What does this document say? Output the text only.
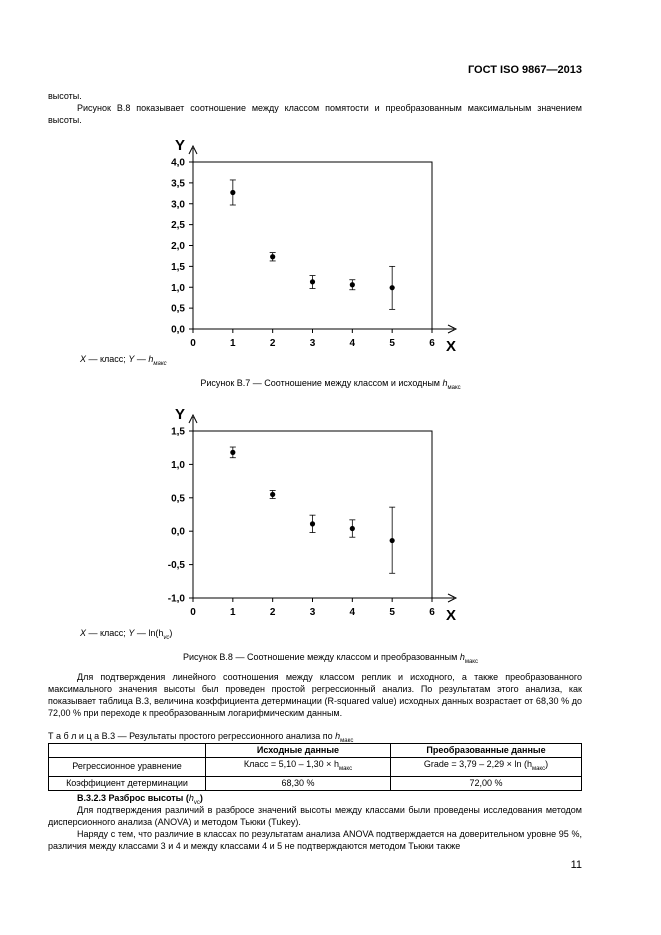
ГОСТ ISO 9867—2013
высоты.
Рисунок В.8 показывает соотношение между классом помятости и преобразованным максимальным значением высоты.
X
Y
0	1	2	3	4	5	6
0,0
0,5
1,0
1,5
2,0
2,5
3,0
3,5
4,0
X — класс; Y — $h_{макс}$
Рисунок В.7 — Соотношение между классом и исходным $h_{макс}$
X
Y
0	1	2	3	4	5	6
-1,0
-0,5
0,0
0,5
1,0
1,5
X — класс; Y — $\ln(h_{vc})$
Рисунок В.8 — Соотношение между классом и преобразованным $h_{макс}$
Для подтверждения линейного соотношения между классом реплик и исходного, а также преобразованного максимального значения высоты был проведен простой регрессионный анализ. По результатам этого анализа, как показывает таблица В.3, величина коэффициента детерминации (R-squared value) исходных данных возрастает от 68,30 % до 72,00 % при переходе к преобразованным логарифмическим данным.
Т а б л и ц а В.3 — Результаты простого регрессионного анализа по $h_{макс}$
	Исходные данные	Преобразованные данные
Регрессионное уравнение	Класс = $5,10 - 1,30 \times h_{макс}$	Grade = $3,79 - 2,29 \times \ln (h_{макс})$
Коэффициент детерминации	68,30 %	72,00 %
В.3.2.3 Разброс высоты $(h_{vc})$
Для подтверждения различий в разбросе значений высоты между классами были проведены исследования методом дисперсионного анализа (ANOVA) и методом Тьюки (Tukey).
Наряду с тем, что различие в классах по результатам анализа ANOVA подтверждается на доверительном уровне 95 %, различия между классами 3 и 4 и между классами 4 и 5 не подтверждаются методом Тьюки также
11
